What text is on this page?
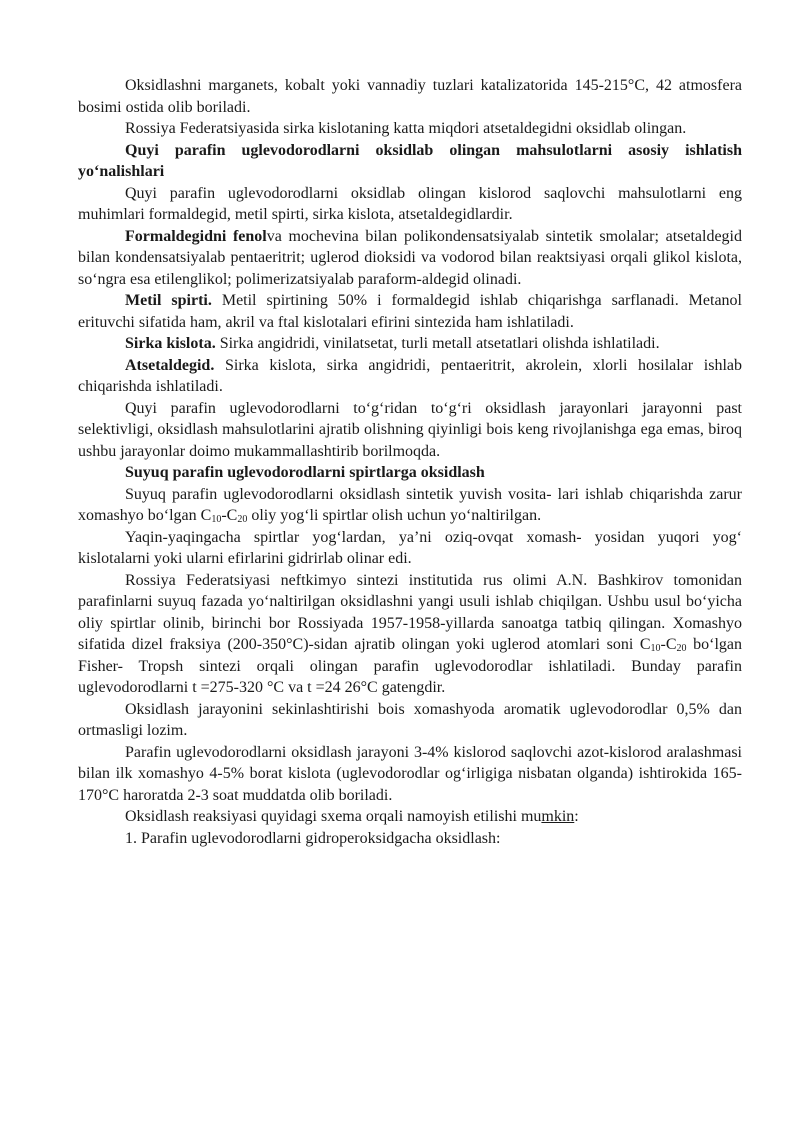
Oksidlashni marganets, kobalt yoki vannadiy tuzlari katalizatorida 145-215°C, 42 atmosfera bosimi ostida olib boriladi.

Rossiya Federatsiyasida sirka kislotaning katta miqdori atsetaldegidni oksidlab olingan.

Quyi parafin uglevodorodlarni oksidlab olingan mahsulotlarni asosiy ishlatish yoʻnalishlari

Quyi parafin uglevodorodlarni oksidlab olingan kislorod saqlovchi mahsulotlarni eng muhimlari formaldegid, metil spirti, sirka kislota, atsetaldegidlardir.

Formaldegidni fenolva mochevina bilan polikondensatsiyalab sintetik smolalar; atsetaldegid bilan kondensatsiyalab pentaeritrit; uglerod dioksidi va vodorod bilan reaktsiyasi orqali glikol kislota, soʻngra esa etilenglikol; polimerizatsiyalab paraform-aldegid olinadi.

Metil spirti. Metil spirtining 50% i formaldegid ishlab chiqarishga sarflanadi. Metanol erituvchi sifatida ham, akril va ftal kislotalari efirini sintezida ham ishlatiladi.

Sirka kislota. Sirka angidridi, vinilatsetat, turli metall atsetatlari olishda ishlatiladi.

Atsetaldegid. Sirka kislota, sirka angidridi, pentaeritrit, akrolein, xlorli hosilalar ishlab chiqarishda ishlatiladi.

Quyi parafin uglevodorodlarni toʻgʻridan toʻgʻri oksidlash jarayonlari jarayonni past selektivligi, oksidlash mahsulotlarini ajratib olishning qiyinligi bois keng rivojlanishga ega emas, biroq ushbu jarayonlar doimo mukammallashtirib borilmoqda.

Suyuq parafin uglevodorodlarni spirtlarga oksidlash

Suyuq parafin uglevodorodlarni oksidlash sintetik yuvish vosita- lari ishlab chiqarishda zarur xomashyo boʻlgan $C_{10}-C_{20}$ oliy yogʻli spirtlar olish uchun yoʻnaltirilgan.

Yaqin-yaqingacha spirtlar yogʻlardan, yaʼni oziq-ovqat xomash- yosidan yuqori yogʻ kislotalarni yoki ularni efirlarini gidrirlab olinar edi.

Rossiya Federatsiyasi neftkimyo sintezi institutida rus olimi A.N. Bashkirov tomonidan parafinlarni suyuq fazada yoʻnaltirilgan oksidlashni yangi usuli ishlab chiqilgan. Ushbu usul boʻyicha oliy spirtlar olinib, birinchi bor Rossiyada 1957-1958-yillarda sanoatga tatbiq qilingan. Xomashyo sifatida dizel fraksiya (200-350°C)-sidan ajratib olingan yoki uglerod atomlari soni $C_{10}-C_{20}$ boʻlgan Fisher- Tropsh sintezi orqali olingan parafin uglevodorodlar ishlatiladi. Bunday parafin uglevodorodlarni t =275-320 °C va t =24 26°C gatengdir.

Oksidlash jarayonini sekinlashtirishi bois xomashyoda aromatik uglevodorodlar 0,5% dan ortmasligi lozim.

Parafin uglevodorodlarni oksidlash jarayoni 3-4% kislorod saqlovchi azot-kislorod aralashmasi bilan ilk xomashyo 4-5% borat kislota (uglevodorodlar ogʻirligiga nisbatan olganda) ishtirokida 165-170°C haroratda 2-3 soat muddatda olib boriladi.

Oksidlash reaksiyasi quyidagi sxema orqali namoyish etilishi mumkin:

1. Parafin uglevodorodlarni gidroperoksidgacha oksidlash:
